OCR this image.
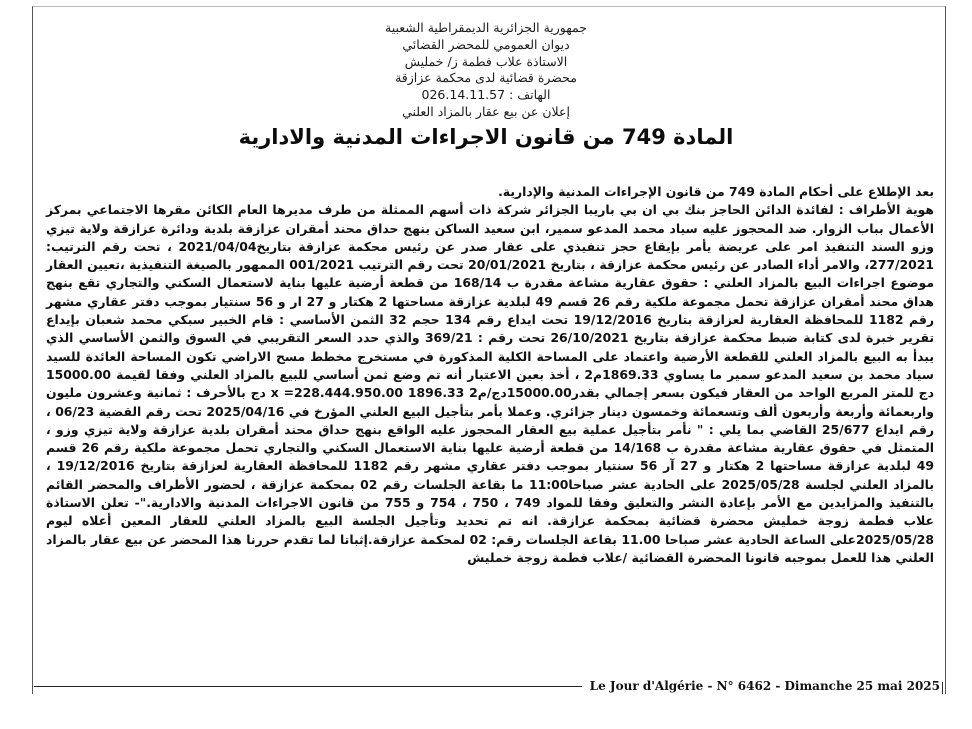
جمهورية الجزائرية الديمقراطية الشعبية
ديوان العمومي للمحضر القضائي
الاستاذة علاب فطمة ز/ خمليش
محضرة قضائية لدى محكمة عزازقة
الهاتف : 026.14.11.57
إعلان عن بيع عقار بالمزاد العلني
المادة 749 من قانون الاجراءات المدنية والادارية

بعد الإطلاع على أحكام المادة 749 من قانون الإجراءات المدنية والإدارية.

هوية الأطراف : لفائدة الدائن الحاجز بنك بي ان بي باريبا الجزائر شركة ذات أسهم الممثلة من طرف مديرها العام الكائن مقرها الاجتماعي بمركز الأعمال بباب الزوار. ضد المحجوز عليه سياد محمد المدعو سمير، ابن سعيد الساكن بنهج حداق محند أمقران عزازقة بلدية ودائرة عزازقة ولاية تيزي وزو السند التنفيذ امر على عريضة يأمر بإيقاع حجز تنفيذي على عقار صدر عن رئيس محكمة عزازقة بتاريخ2021/04/04 ، تحت رقم الترتيب: 277/2021، والامر أداء الصادر عن رئيس محكمة عزازقة ، بتاريخ 20/01/2021 تحت رقم الترتيب 001/2021 الممهور بالصيغة التنفيذية ،تعيين العقار موضوع اجراءات البيع بالمزاد العلني : حقوق عقارية مشاعة مقدرة ب 168/14 من قطعة أرضية عليها بناية لاستعمال السكني والتجاري تقع بنهج هداق محند أمقران عزازقة تحمل مجموعة ملكية رقم 26 قسم 49 لبلدية عزازقة مساحتها 2 هكتار و 27 ار و 56 سنتيار بموجب دفتر عقاري مشهر رقم 1182 للمحافظة العقارية لعزازقة بتاريخ 19/12/2016 تحت ايداع رقم 134 حجم 32 الثمن الأساسي : قام الخبير سبكي محمد شعبان بإيداع تقرير خبرة لدى كتابة ضبط محكمة عزازقة بتاريخ 26/10/2021 تحت رقم : 369/21 والذي حدد السعر التقريبي في السوق والثمن الأساسي الذي يبدأ به البيع بالمزاد العلني للقطعة الأرضية واعتماد على المساحة الكلية المذكورة في مستخرج مخطط مسح الاراضي تكون المساحة العائدة للسيد سياد محمد بن سعيد المدعو سمير ما يساوي 1869.33م2 ، أخذ بعين الاعتبار أنه تم وضع ثمن أساسي للبيع بالمزاد العلني وفقا لقيمة 15000.00 دج للمتر المربع الواحد من العقار فيكون بسعر إجمالي بقدر15000.00دج/م2 1896.33 x =228.444.950.00 دج بالأحرف : ثمانية وعشرون مليون واربعمائة وأربعة وأربعون ألف وتسعمائة وخمسون دينار جزائري. وعملا بأمر بتأجيل البيع العلني المؤرخ في 2025/04/16 تحت رقم القضية 06/23 ، رقم ايداع 25/677 القاضي بما يلي : " نأمر بتأجيل عملية بيع العقار المحجوز عليه الواقع بنهج حداق محند أمقران بلدية عزازقة ولاية تيزي وزو ، المتمثل في حقوق عقارية مشاعة مقدرة ب 14/168 من قطعة أرضية عليها بناية الاستعمال السكني والتجاري تحمل مجموعة ملكية رقم 26 قسم 49 لبلدية عزازقة مساحتها 2 هكتار و 27 آر 56 سنتيار بموجب دفتر عقاري مشهر رقم 1182 للمحافظة العقارية لعزازقة بتاريخ 19/12/2016 ، بالمزاد العلني لجلسة 2025/05/28 على الحادية عشر صباحا11:00 ما بقاعة الجلسات رقم 02 بمحكمة عزازقة ، لحضور الأطراف والمحضر القائم بالتنفيذ والمزايدين مع الأمر بإعادة النشر والتعليق وفقا للمواد 749 ، 750 ، 754 و 755 من قانون الاجراءات المدنية والادارية."- تعلن الاستاذة علاب فطمة زوجة خمليش محضرة قضائية بمحكمة عزازقة. انه تم تحديد وتأجيل الجلسة البيع بالمزاد العلني للعقار المعين أعلاه ليوم 2025/05/28على الساعة الحادية عشر صباحا 11.00 بقاعة الجلسات رقم: 02 لمحكمة عزازقة.إثباتا لما تقدم حررنا هذا المحضر عن بيع عقار بالمزاد العلني هذا للعمل بموجبه قانونا المحضرة القضائية /علاب فطمة زوجة خمليش

Le Jour d'Algérie - N° 6462 - Dimanche 25 mai 2025
